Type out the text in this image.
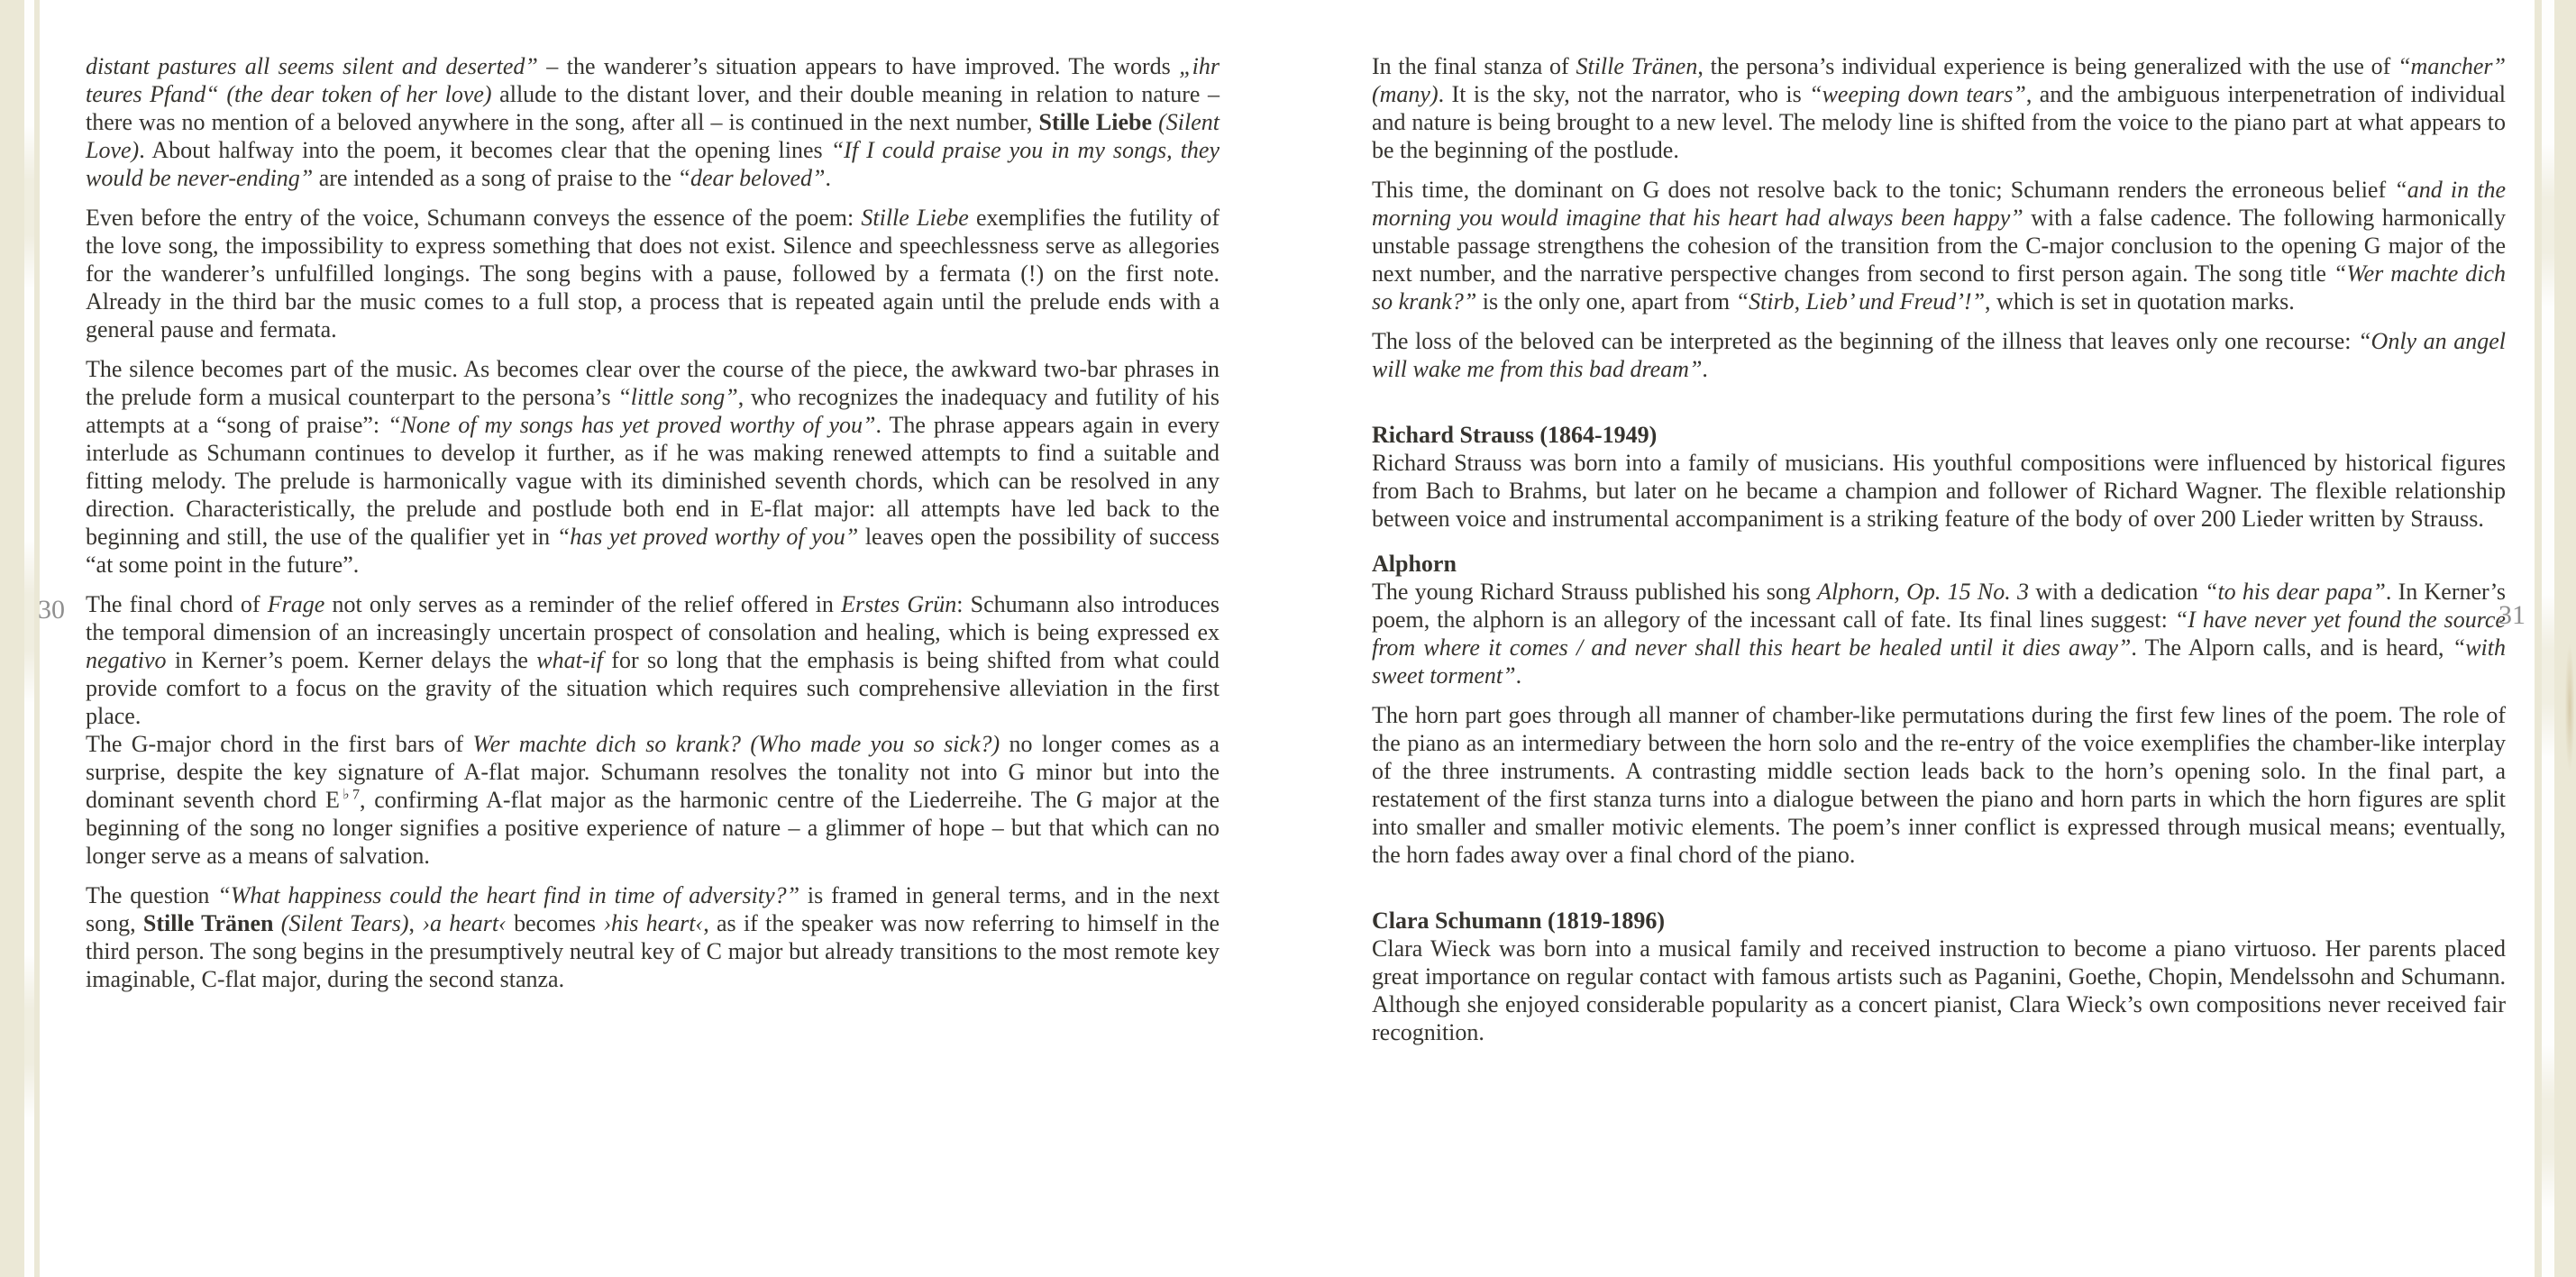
30	31
distant pastures all seems silent and deserted” – the wanderer’s situation appears to have improved. The words „ihr teures Pfand“ (the dear token of her love) allude to the distant lover, and their double meaning in relation to nature – there was no mention of a beloved anywhere in the song, after all – is continued in the next number, Stille Liebe (Silent Love). About halfway into the poem, it becomes clear that the opening lines “If I could praise you in my songs, they would be never-ending” are intended as a song of praise to the “dear beloved”.
Even before the entry of the voice, Schumann conveys the essence of the poem: Stille Liebe exemplifies the futility of the love song, the impossibility to express something that does not exist. Silence and speechlessness serve as allegories for the wanderer’s unfulfilled longings. The song begins with a pause, followed by a fermata (!) on the first note. Already in the third bar the music comes to a full stop, a process that is repeated again until the prelude ends with a general pause and fermata.
The silence becomes part of the music. As becomes clear over the course of the piece, the awkward two-bar phrases in the prelude form a musical counterpart to the persona’s “little song”, who recognizes the inadequacy and futility of his attempts at a “song of praise”: “None of my songs has yet proved worthy of you”. The phrase appears again in every interlude as Schumann continues to develop it further, as if he was making renewed attempts to find a suitable and fitting melody. The prelude is harmonically vague with its diminished seventh chords, which can be resolved in any direction. Characteristically, the prelude and postlude both end in E-flat major: all attempts have led back to the beginning and still, the use of the qualifier yet in “has yet proved worthy of you” leaves open the possibility of success “at some point in the future”.
The final chord of Frage not only serves as a reminder of the relief offered in Erstes Grün: Schumann also introduces the temporal dimension of an increasingly uncertain prospect of consolation and healing, which is being expressed ex negativo in Kerner’s poem. Kerner delays the what-if for so long that the emphasis is being shifted from what could provide comfort to a focus on the gravity of the situation which requires such comprehensive alleviation in the first place.
The G-major chord in the first bars of Wer machte dich so krank? (Who made you so sick?) no longer comes as a surprise, despite the key signature of A-flat major. Schumann resolves the tonality not into G minor but into the dominant seventh chord $E^{♭7}$, confirming A-flat major as the harmonic centre of the Liederreihe. The G major at the beginning of the song no longer signifies a positive experience of nature – a glimmer of hope – but that which can no longer serve as a means of salvation.
The question “What happiness could the heart find in time of adversity?” is framed in general terms, and in the next song, Stille Tränen (Silent Tears), ›a heart‹ becomes ›his heart‹, as if the speaker was now referring to himself in the third person. The song begins in the presumptively neutral key of C major but already transitions to the most remote key imaginable, C-flat major, during the second stanza.
In the final stanza of Stille Tränen, the persona’s individual experience is being generalized with the use of “mancher” (many). It is the sky, not the narrator, who is “weeping down tears”, and the ambiguous interpenetration of individual and nature is being brought to a new level. The melody line is shifted from the voice to the piano part at what appears to be the beginning of the postlude.
This time, the dominant on G does not resolve back to the tonic; Schumann renders the erroneous belief “and in the morning you would imagine that his heart had always been happy” with a false cadence. The following harmonically unstable passage strengthens the cohesion of the transition from the C-major conclusion to the opening G major of the next number, and the narrative perspective changes from second to first person again. The song title “Wer machte dich so krank?” is the only one, apart from “Stirb, Lieb’ und Freud’!”, which is set in quotation marks.
The loss of the beloved can be interpreted as the beginning of the illness that leaves only one recourse: “Only an angel will wake me from this bad dream”.
Richard Strauss (1864-1949)
Richard Strauss was born into a family of musicians. His youthful compositions were influenced by historical figures from Bach to Brahms, but later on he became a champion and follower of Richard Wagner. The flexible relationship between voice and instrumental accompaniment is a striking feature of the body of over 200 Lieder written by Strauss.
Alphorn
The young Richard Strauss published his song Alphorn, Op. 15 No. 3 with a dedication “to his dear papa”. In Kerner’s poem, the alphorn is an allegory of the incessant call of fate. Its final lines suggest: “I have never yet found the source from where it comes / and never shall this heart be healed until it dies away”. The Alporn calls, and is heard, “with sweet torment”.
The horn part goes through all manner of chamber-like permutations during the first few lines of the poem. The role of the piano as an intermediary between the horn solo and the re-entry of the voice exemplifies the chamber-like interplay of the three instruments. A contrasting middle section leads back to the horn’s opening solo. In the final part, a restatement of the first stanza turns into a dialogue between the piano and horn parts in which the horn figures are split into smaller and smaller motivic elements. The poem’s inner conflict is expressed through musical means; eventually, the horn fades away over a final chord of the piano.
Clara Schumann (1819-1896)
Clara Wieck was born into a musical family and received instruction to become a piano virtuoso. Her parents placed great importance on regular contact with famous artists such as Paganini, Goethe, Chopin, Mendelssohn and Schumann. Although she enjoyed considerable popularity as a concert pianist, Clara Wieck’s own compositions never received fair recognition.
